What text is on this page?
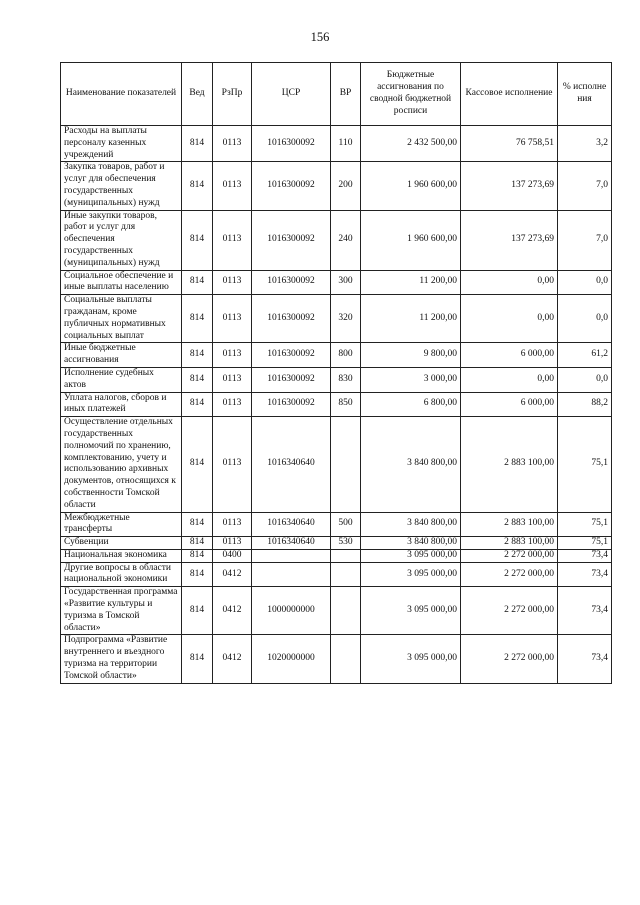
156
Наименование показателей	Вед	РзПр	ЦСР	ВР	Бюджетные ассигнования по сводной бюджетной росписи	Кассовое исполнение	% исполне ния
Расходы на выплаты персоналу казенных учреждений	814	0113	1016300092	110	2 432 500,00	76 758,51	3,2
Закупка товаров, работ и услуг для обеспечения государственных (муниципальных) нужд	814	0113	1016300092	200	1 960 600,00	137 273,69	7,0
Иные закупки товаров, работ и услуг для обеспечения государственных (муниципальных) нужд	814	0113	1016300092	240	1 960 600,00	137 273,69	7,0
Социальное обеспечение и иные выплаты населению	814	0113	1016300092	300	11 200,00	0,00	0,0
Социальные выплаты гражданам, кроме публичных нормативных социальных выплат	814	0113	1016300092	320	11 200,00	0,00	0,0
Иные бюджетные ассигнования	814	0113	1016300092	800	9 800,00	6 000,00	61,2
Исполнение судебных актов	814	0113	1016300092	830	3 000,00	0,00	0,0
Уплата налогов, сборов и иных платежей	814	0113	1016300092	850	6 800,00	6 000,00	88,2
Осуществление отдельных государственных полномочий по хранению, комплектованию, учету и использованию архивных документов, относящихся к собственности Томской области	814	0113	1016340640		3 840 800,00	2 883 100,00	75,1
Межбюджетные трансферты	814	0113	1016340640	500	3 840 800,00	2 883 100,00	75,1
Субвенции	814	0113	1016340640	530	3 840 800,00	2 883 100,00	75,1
Национальная экономика	814	0400			3 095 000,00	2 272 000,00	73,4
Другие вопросы в области национальной экономики	814	0412			3 095 000,00	2 272 000,00	73,4
Государственная программа «Развитие культуры и туризма в Томской области»	814	0412	1000000000		3 095 000,00	2 272 000,00	73,4
Подпрограмма «Развитие внутреннего и въездного туризма на территории Томской области»	814	0412	1020000000		3 095 000,00	2 272 000,00	73,4
